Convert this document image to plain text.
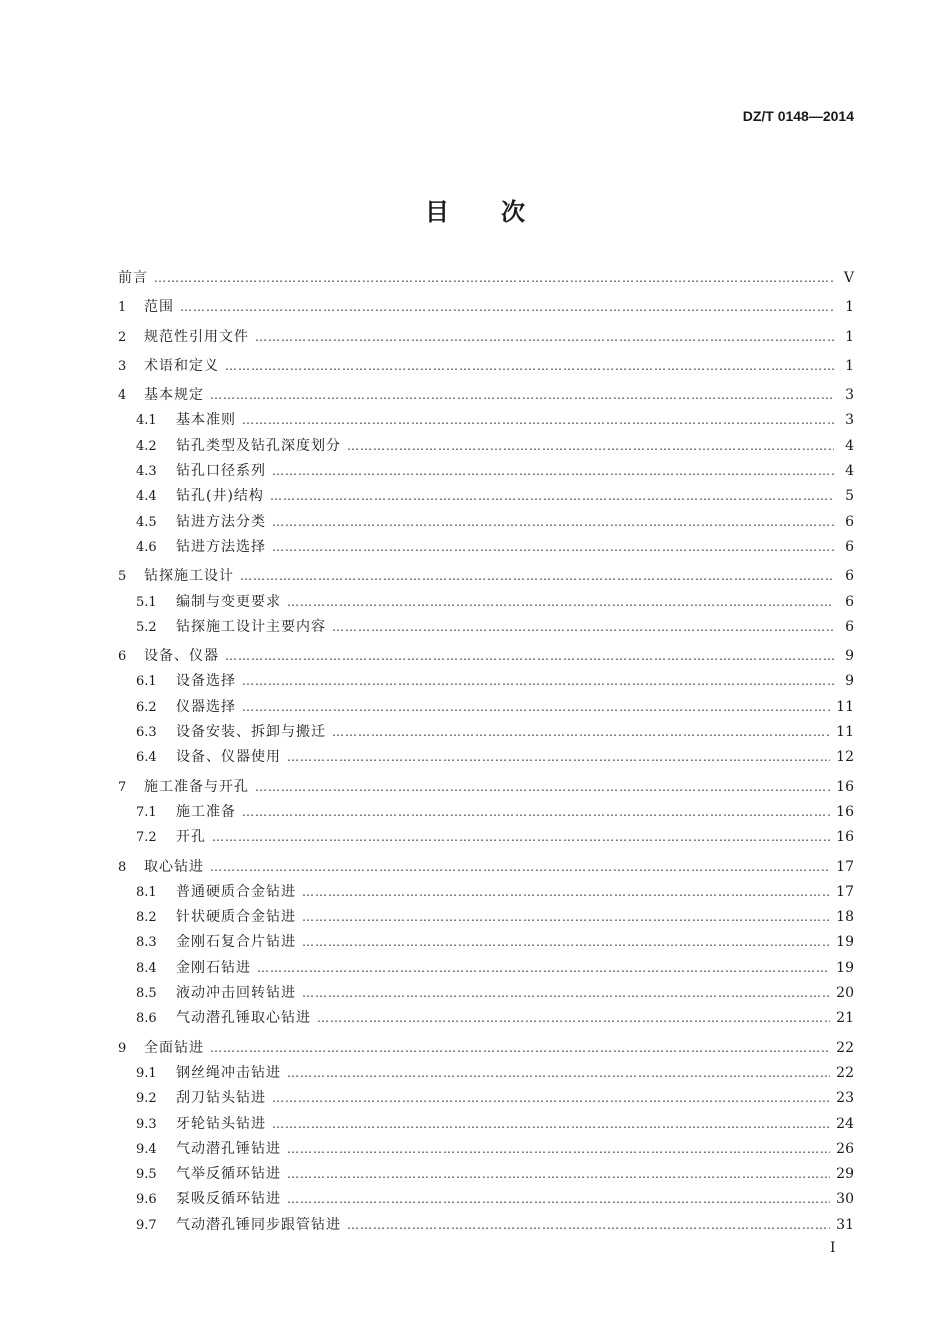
DZ/T 0148—2014
目次
前言 …………………………………………………………………………………………………………………………………………………………………………………………	Ⅴ
1	范围 …………………………………………………………………………………………………………………………………………………………………………………………	1
2	规范性引用文件 …………………………………………………………………………………………………………………………………………………………………………………………	1
3	术语和定义 …………………………………………………………………………………………………………………………………………………………………………………………	1
4	基本规定 …………………………………………………………………………………………………………………………………………………………………………………………	3
4.1	基本准则 …………………………………………………………………………………………………………………………………………………………………………………………	3
4.2	钻孔类型及钻孔深度划分 …………………………………………………………………………………………………………………………………………………………………………………………	4
4.3	钻孔口径系列 …………………………………………………………………………………………………………………………………………………………………………………………	4
4.4	钻孔(井)结构 …………………………………………………………………………………………………………………………………………………………………………………………	5
4.5	钻进方法分类 …………………………………………………………………………………………………………………………………………………………………………………………	6
4.6	钻进方法选择 …………………………………………………………………………………………………………………………………………………………………………………………	6
5	钻探施工设计 …………………………………………………………………………………………………………………………………………………………………………………………	6
5.1	编制与变更要求 …………………………………………………………………………………………………………………………………………………………………………………………	6
5.2	钻探施工设计主要内容 …………………………………………………………………………………………………………………………………………………………………………………………	6
6	设备、仪器 …………………………………………………………………………………………………………………………………………………………………………………………	9
6.1	设备选择 …………………………………………………………………………………………………………………………………………………………………………………………	9
6.2	仪器选择 …………………………………………………………………………………………………………………………………………………………………………………………	11
6.3	设备安装、拆卸与搬迁 …………………………………………………………………………………………………………………………………………………………………………………………	11
6.4	设备、仪器使用 …………………………………………………………………………………………………………………………………………………………………………………………	12
7	施工准备与开孔 …………………………………………………………………………………………………………………………………………………………………………………………	16
7.1	施工准备 …………………………………………………………………………………………………………………………………………………………………………………………	16
7.2	开孔 …………………………………………………………………………………………………………………………………………………………………………………………	16
8	取心钻进 …………………………………………………………………………………………………………………………………………………………………………………………	17
8.1	普通硬质合金钻进 …………………………………………………………………………………………………………………………………………………………………………………………	17
8.2	针状硬质合金钻进 …………………………………………………………………………………………………………………………………………………………………………………………	18
8.3	金刚石复合片钻进 …………………………………………………………………………………………………………………………………………………………………………………………	19
8.4	金刚石钻进 …………………………………………………………………………………………………………………………………………………………………………………………	19
8.5	液动冲击回转钻进 …………………………………………………………………………………………………………………………………………………………………………………………	20
8.6	气动潜孔锤取心钻进 …………………………………………………………………………………………………………………………………………………………………………………………	21
9	全面钻进 …………………………………………………………………………………………………………………………………………………………………………………………	22
9.1	钢丝绳冲击钻进 …………………………………………………………………………………………………………………………………………………………………………………………	22
9.2	刮刀钻头钻进 …………………………………………………………………………………………………………………………………………………………………………………………	23
9.3	牙轮钻头钻进 …………………………………………………………………………………………………………………………………………………………………………………………	24
9.4	气动潜孔锤钻进 …………………………………………………………………………………………………………………………………………………………………………………………	26
9.5	气举反循环钻进 …………………………………………………………………………………………………………………………………………………………………………………………	29
9.6	泵吸反循环钻进 …………………………………………………………………………………………………………………………………………………………………………………………	30
9.7	气动潜孔锤同步跟管钻进 …………………………………………………………………………………………………………………………………………………………………………………………	31
Ⅰ
